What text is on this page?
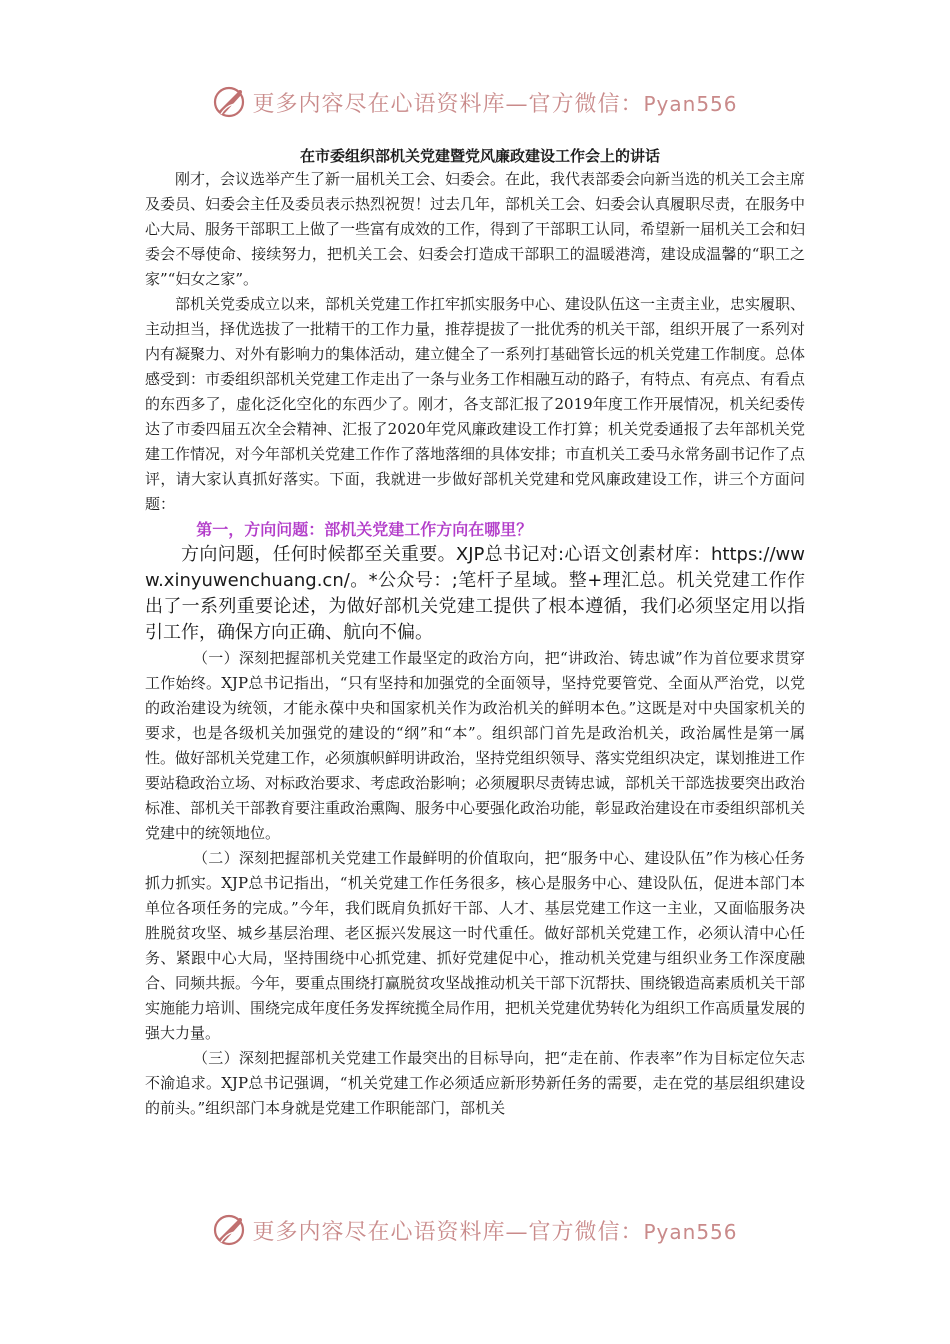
更多内容尽在心语资料库—官方微信：Pyan556
在市委组织部机关党建暨党风廉政建设工作会上的讲话

刚才，会议选举产生了新一届机关工会、妇委会。在此，我代表部委会向新当选的机关工会主席及委员、妇委会主任及委员表示热烈祝贺！过去几年，部机关工会、妇委会认真履职尽责，在服务中心大局、服务干部职工上做了一些富有成效的工作，得到了干部职工认同，希望新一届机关工会和妇委会不辱使命、接续努力，把机关工会、妇委会打造成干部职工的温暖港湾，建设成温馨的“职工之家”“妇女之家”。

部机关党委成立以来，部机关党建工作扛牢抓实服务中心、建设队伍这一主责主业，忠实履职、主动担当，择优选拔了一批精干的工作力量，推荐提拔了一批优秀的机关干部，组织开展了一系列对内有凝聚力、对外有影响力的集体活动，建立健全了一系列打基础管长远的机关党建工作制度。总体感受到：市委组织部机关党建工作走出了一条与业务工作相融互动的路子，有特点、有亮点、有看点的东西多了，虚化泛化空化的东西少了。刚才，各支部汇报了2019年度工作开展情况，机关纪委传达了市委四届五次全会精神、汇报了2020年党风廉政建设工作打算；机关党委通报了去年部机关党建工作情况，对今年部机关党建工作作了落地落细的具体安排；市直机关工委马永常务副书记作了点评，请大家认真抓好落实。下面，我就进一步做好部机关党建和党风廉政建设工作，讲三个方面问题：

第一，方向问题：部机关党建工作方向在哪里？

方向问题，任何时候都至关重要。XJP总书记对:心语文创素材库：https://www.xinyuwenchuang.cn/。*公众号：;笔杆子星域。整+理汇总。机关党建工作作出了一系列重要论述，为做好部机关党建工提供了根本遵循，我们必须坚定用以指引工作，确保方向正确、航向不偏。

（一）深刻把握部机关党建工作最坚定的政治方向，把“讲政治、铸忠诚”作为首位要求贯穿工作始终。XJP总书记指出，“只有坚持和加强党的全面领导，坚持党要管党、全面从严治党，以党的政治建设为统领，才能永葆中央和国家机关作为政治机关的鲜明本色。”这既是对中央国家机关的要求，也是各级机关加强党的建设的“纲”和“本”。组织部门首先是政治机关，政治属性是第一属性。做好部机关党建工作，必须旗帜鲜明讲政治，坚持党组织领导、落实党组织决定，谋划推进工作要站稳政治立场、对标政治要求、考虑政治影响；必须履职尽责铸忠诚，部机关干部选拔要突出政治标准、部机关干部教育要注重政治熏陶、服务中心要强化政治功能，彰显政治建设在市委组织部机关党建中的统领地位。

（二）深刻把握部机关党建工作最鲜明的价值取向，把“服务中心、建设队伍”作为核心任务抓力抓实。XJP总书记指出，“机关党建工作任务很多，核心是服务中心、建设队伍，促进本部门本单位各项任务的完成。”今年，我们既肩负抓好干部、人才、基层党建工作这一主业，又面临服务决胜脱贫攻坚、城乡基层治理、老区振兴发展这一时代重任。做好部机关党建工作，必须认清中心任务、紧跟中心大局，坚持围绕中心抓党建、抓好党建促中心，推动机关党建与组织业务工作深度融合、同频共振。今年，要重点围绕打赢脱贫攻坚战推动机关干部下沉帮扶、围绕锻造高素质机关干部实施能力培训、围绕完成年度任务发挥统揽全局作用，把机关党建优势转化为组织工作高质量发展的强大力量。

（三）深刻把握部机关党建工作最突出的目标导向，把“走在前、作表率”作为目标定位矢志不渝追求。XJP总书记强调，“机关党建工作必须适应新形势新任务的需要，走在党的基层组织建设的前头。”组织部门本身就是党建工作职能部门，部机关

更多内容尽在心语资料库—官方微信：Pyan556
